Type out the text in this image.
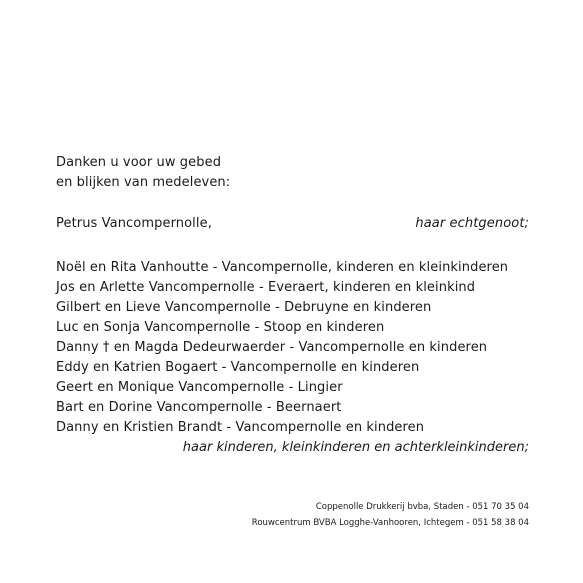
Danken u voor uw gebed
en blijken van medeleven:
Petrus Vancompernolle,	haar echtgenoot;
Noël en Rita Vanhoutte - Vancompernolle, kinderen en kleinkinderen
Jos en Arlette Vancompernolle - Everaert, kinderen en kleinkind
Gilbert en Lieve Vancompernolle - Debruyne en kinderen
Luc en Sonja Vancompernolle - Stoop en kinderen
Danny † en Magda Dedeurwaerder - Vancompernolle en kinderen
Eddy en Katrien Bogaert - Vancompernolle en kinderen
Geert en Monique Vancompernolle - Lingier
Bart en Dorine Vancompernolle - Beernaert
Danny en Kristien Brandt - Vancompernolle en kinderen
haar kinderen, kleinkinderen en achterkleinkinderen;
Coppenolle Drukkerij bvba, Staden - 051 70 35 04
Rouwcentrum BVBA Logghe-Vanhooren, Ichtegem - 051 58 38 04
